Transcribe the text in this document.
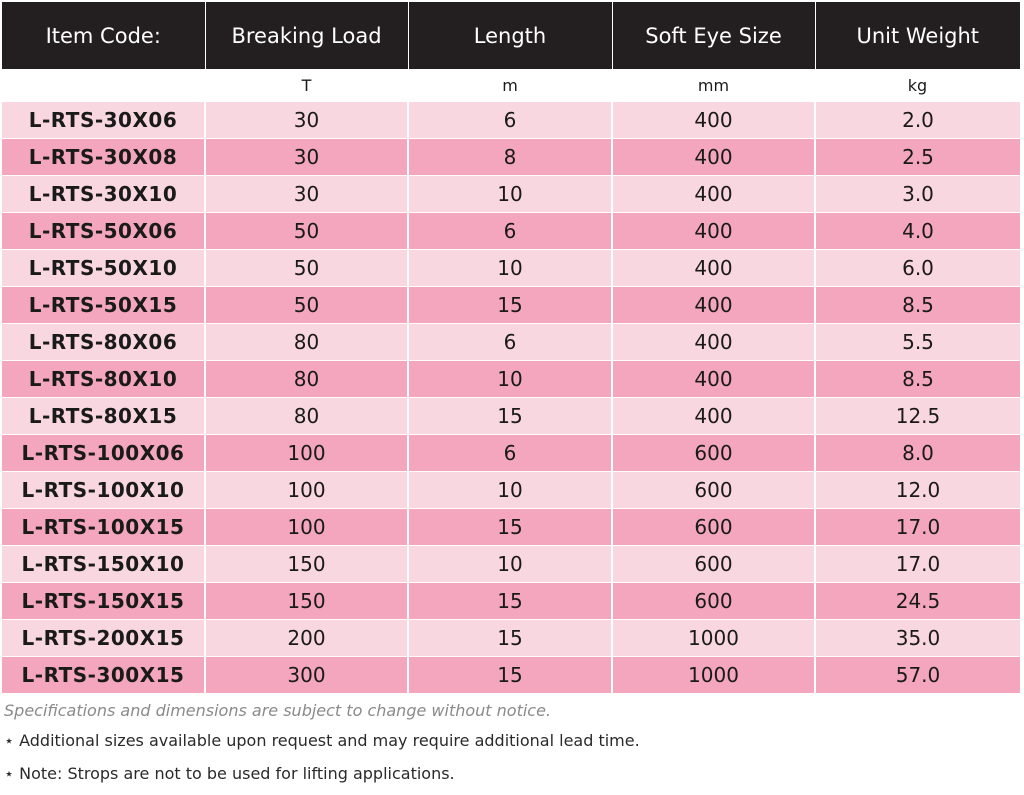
Item Code:	Breaking Load	Length	Soft Eye Size	Unit Weight
	T	m	mm	kg
L-RTS-30X06	30	6	400	2.0
L-RTS-30X08	30	8	400	2.5
L-RTS-30X10	30	10	400	3.0
L-RTS-50X06	50	6	400	4.0
L-RTS-50X10	50	10	400	6.0
L-RTS-50X15	50	15	400	8.5
L-RTS-80X06	80	6	400	5.5
L-RTS-80X10	80	10	400	8.5
L-RTS-80X15	80	15	400	12.5
L-RTS-100X06	100	6	600	8.0
L-RTS-100X10	100	10	600	12.0
L-RTS-100X15	100	15	600	17.0
L-RTS-150X10	150	10	600	17.0
L-RTS-150X15	150	15	600	24.5
L-RTS-200X15	200	15	1000	35.0
L-RTS-300X15	300	15	1000	57.0
Specifications and dimensions are subject to change without notice.
⋆ Additional sizes available upon request and may require additional lead time.
⋆ Note: Strops are not to be used for lifting applications.
